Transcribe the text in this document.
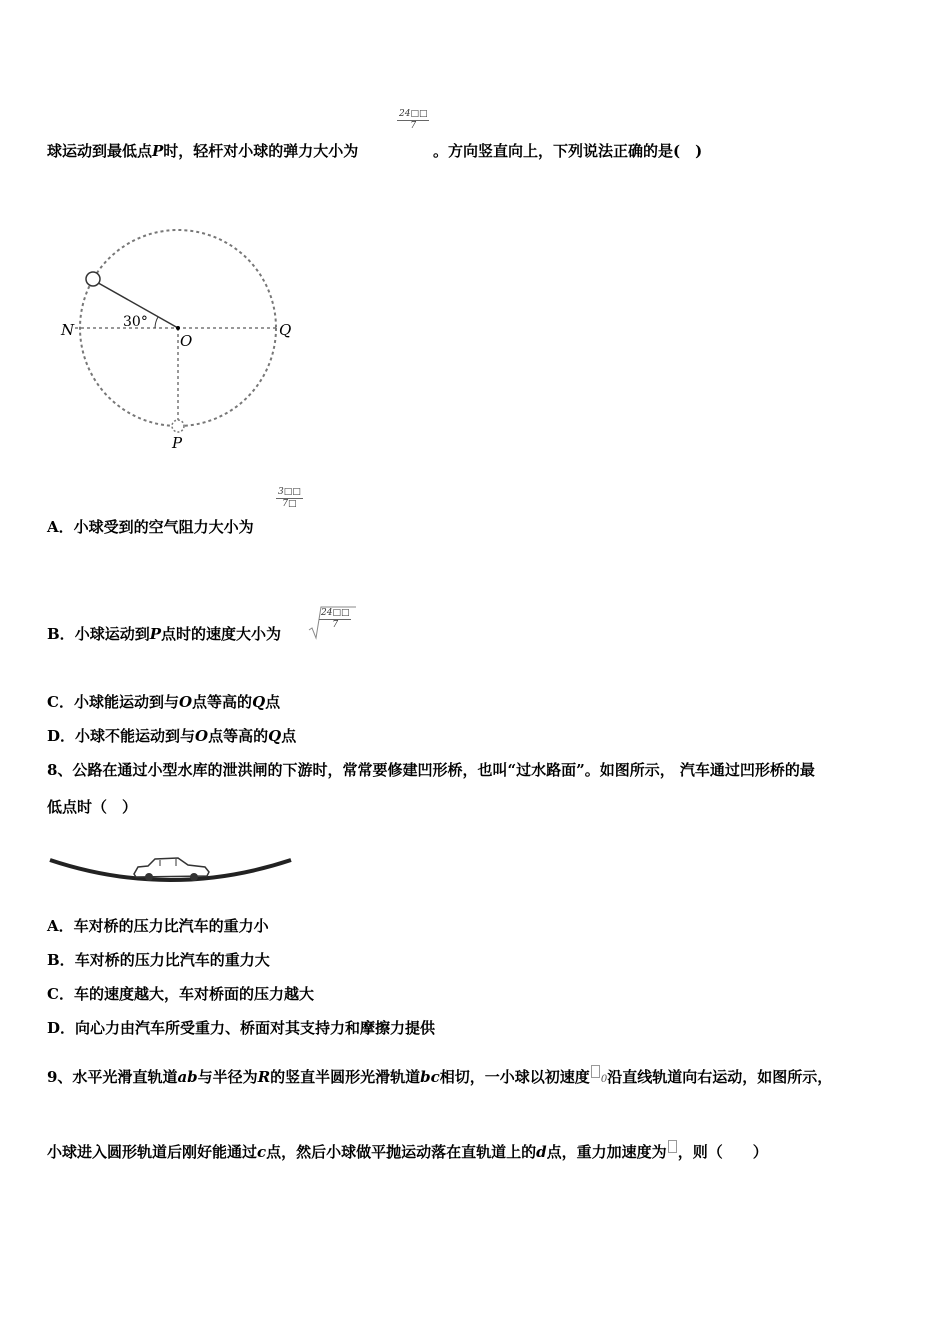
球运动到最低点P时，轻杆对小球的弹力大小为
$\frac{24□□}{7}$
。方向竖直向上，下列说法正确的是(　)
N	30°
O
Q
P
A．小球受到的空气阻力大小为
$\frac{3□□}{7□}$
B．小球运动到P点时的速度大小为
$\frac{24□□}{7}$
C．小球能运动到与O点等高的Q点
D．小球不能运动到与O点等高的Q点
8、公路在通过小型水库的泄洪闸的下游时，常常要修建凹形桥，也叫“过水路面”。如图所示， 汽车通过凹形桥的最
低点时（　）
A．车对桥的压力比汽车的重力小
B．车对桥的压力比汽车的重力大
C．车的速度越大，车对桥面的压力越大
D．向心力由汽车所受重力、桥面对其支持力和摩擦力提供
9、水平光滑直轨道ab与半径为R的竖直半圆形光滑轨道bc相切，一小球以初速度 0沿直线轨道向右运动，如图所示，
小球进入圆形轨道后刚好能通过c点，然后小球做平抛运动落在直轨道上的d点，重力加速度为 ，则（　　）
